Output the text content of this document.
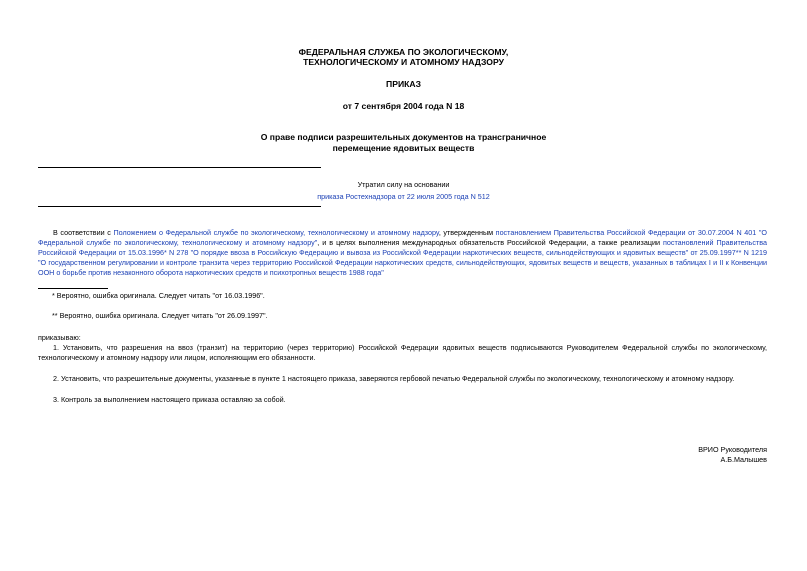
ФЕДЕРАЛЬНАЯ СЛУЖБА ПО ЭКОЛОГИЧЕСКОМУ,
ТЕХНОЛОГИЧЕСКОМУ И АТОМНОМУ НАДЗОРУ
ПРИКАЗ
от 7 сентября 2004 года N 18
О праве подписи разрешительных документов на трансграничное
перемещение ядовитых веществ
Утратил силу на основании
приказа Ростехнадзора от 22 июля 2005 года N 512
В соответствии с Положением о Федеральной службе по экологическому, технологическому и атомному надзору, утвержденным постановлением Правительства Российской Федерации от 30.07.2004 N 401 "О Федеральной службе по экологическому, технологическому и атомному надзору", и в целях выполнения международных обязательств Российской Федерации, а также реализации постановлений Правительства Российской Федерации от 15.03.1996* N 278 "О порядке ввоза в Российскую Федерацию и вывоза из Российской Федерации наркотических веществ, сильнодействующих и ядовитых веществ" от 25.09.1997** N 1219 "О государственном регулировании и контроле транзита через территорию Российской Федерации наркотических средств, сильнодействующих, ядовитых веществ и веществ, указанных в таблицах I и II к Конвенции ООН о борьбе против незаконного оборота наркотических средств и психотропных веществ 1988 года"
* Вероятно, ошибка оригинала. Следует читать "от 16.03.1996".
** Вероятно, ошибка оригинала. Следует читать "от 26.09.1997".
приказываю:
1. Установить, что разрешения на ввоз (транзит) на территорию (через территорию) Российской Федерации ядовитых веществ подписываются Руководителем Федеральной службы по экологическому, технологическому и атомному надзору или лицом, исполняющим его обязанности.
2. Установить, что разрешительные документы, указанные в пункте 1 настоящего приказа, заверяются гербовой печатью Федеральной службы по экологическому, технологическому и атомному надзору.
3. Контроль за выполнением настоящего приказа оставляю за собой.
ВРИО Руководителя
А.Б.Малышев
